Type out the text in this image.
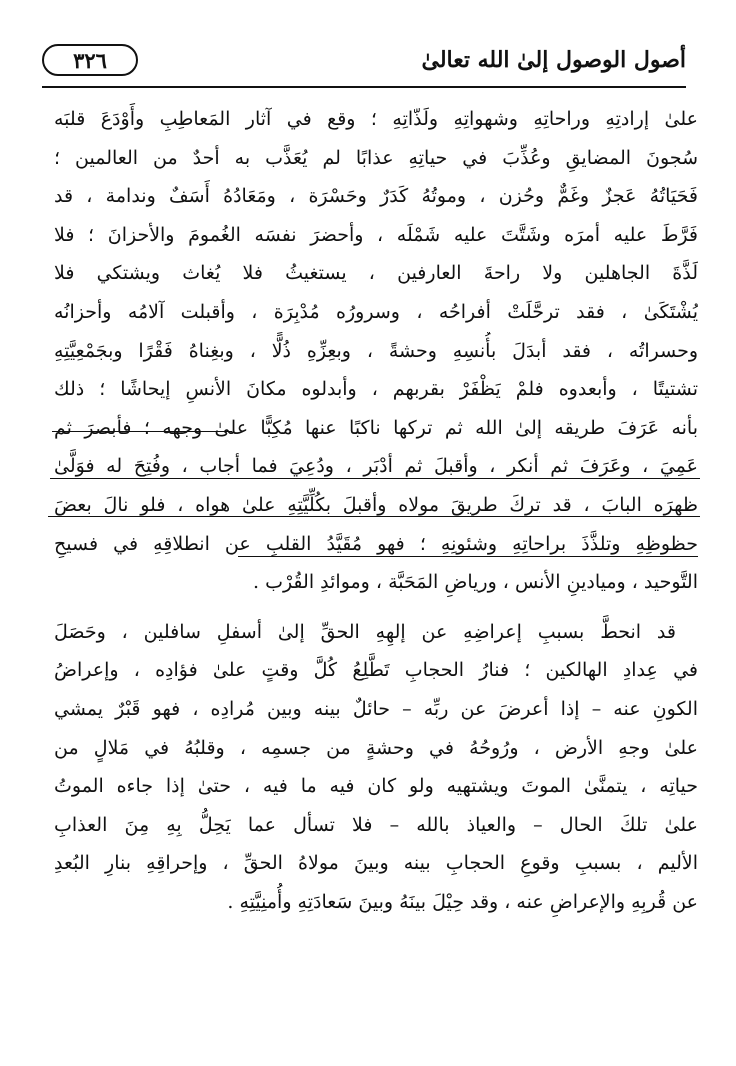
٣٢٦	أصول الوصول إلىٰ الله تعالىٰ
علىٰ إرادتِهِ وراحاتِهِ وشهواتِهِ ولَذّاتِهِ ؛ وقع في آثار المَعاطِبِ وأَوْدَعَ قلبَه
سُجونَ المضايقِ وعُذِّبَ في حياتِهِ عذابًا لم يُعَذَّب به أحدٌ من العالمين ؛
فَحَيَاتُهُ عَجزٌ وغَمٌّ وحُزن ، وموتُهُ كَدَرٌ وحَسْرَة ، ومَعَادُهُ أَسَفٌ وندامة ، قد
فَرَّطَ عليه أمرَه وشَتَّتَ عليه شَمْلَه ، وأحضرَ نفسَه الغُمومَ والأحزانَ ؛ فلا
لَذَّةَ الجاهلين ولا راحةَ العارفين ، يستغيثُ فلا يُغاث ويشتكي فلا
يُشْتَكَىٰ ، فقد ترحَّلَتْ أفراحُه ، وسرورُه مُدْبِرَة ، وأقبلت آلامُه وأحزانُه
وحسراتُه ، فقد أبدَلَ بأُنسِهِ وحشةً ، وبعِزِّهِ ذُلًّا ، وبغِناهُ فَقْرًا وبجَمْعِيَّتِهِ
تشتيتًا ، وأبعدوه فلمْ يَظْفَرْ بقربهم ، وأبدلوه مكانَ الأنسِ إيحاشًا ؛ ذلك
بأنه عَرَفَ طريقه إلىٰ الله ثم تركها ناكبًا عنها مُكِبًّا علىٰ وجهه ؛ فأبصرَ ثم
عَمِيَ ، وعَرَفَ ثم أنكر ، وأقبلَ ثم أدْبَر ، ودُعِيَ فما أجاب ، وفُتِحَ له فوَلَّىٰ
ظهرَه البابَ ، قد تركَ طريقَ مولاه وأقبلَ بكُلِّيَّتِهِ علىٰ هواه ، فلو نالَ بعضَ
حظوظِهِ وتلذَّذَ براحاتِهِ وشئونِهِ ؛ فهو مُقَيَّدُ القلبِ عن انطلاقِهِ في فسيحِ
التَّوحيد ، وميادينِ الأنس ، ورياضِ المَحَبَّة ، وموائدِ القُرْب .
قد انحطَّ بسببِ إعراضِهِ عن إلهِهِ الحقِّ إلىٰ أسفلِ سافلين ، وحَصَلَ
في عِدادِ الهالكين ؛ فنارُ الحجابِ تَطَّلِعُ كُلَّ وقتٍ علىٰ فؤادِه ، وإعراضُ
الكونِ عنه – إذا أعرضَ عن ربِّه – حائلٌ بينه وبين مُرادِه ، فهو قَبْرٌ يمشي
علىٰ وجهِ الأرض ، ورُوحُهُ في وحشةٍ من جسمِه ، وقلبُهُ في مَلالٍ من
حياتِه ، يتمنَّىٰ الموتَ ويشتهيه ولو كان فيه ما فيه ، حتىٰ إذا جاءه الموتُ
علىٰ تلكَ الحال – والعياذ بالله – فلا تسأل عما يَحِلُّ بِهِ مِنَ العذابِ
الأليم ، بسببِ وقوعِ الحجابِ بينه وبينَ مولاهُ الحقِّ ، وإحراقِهِ بنارِ البُعدِ
عن قُربِهِ والإعراضِ عنه ، وقد حِيْلَ بينَهُ وبينَ سَعادَتِهِ وأُمنِيَّتِهِ .
